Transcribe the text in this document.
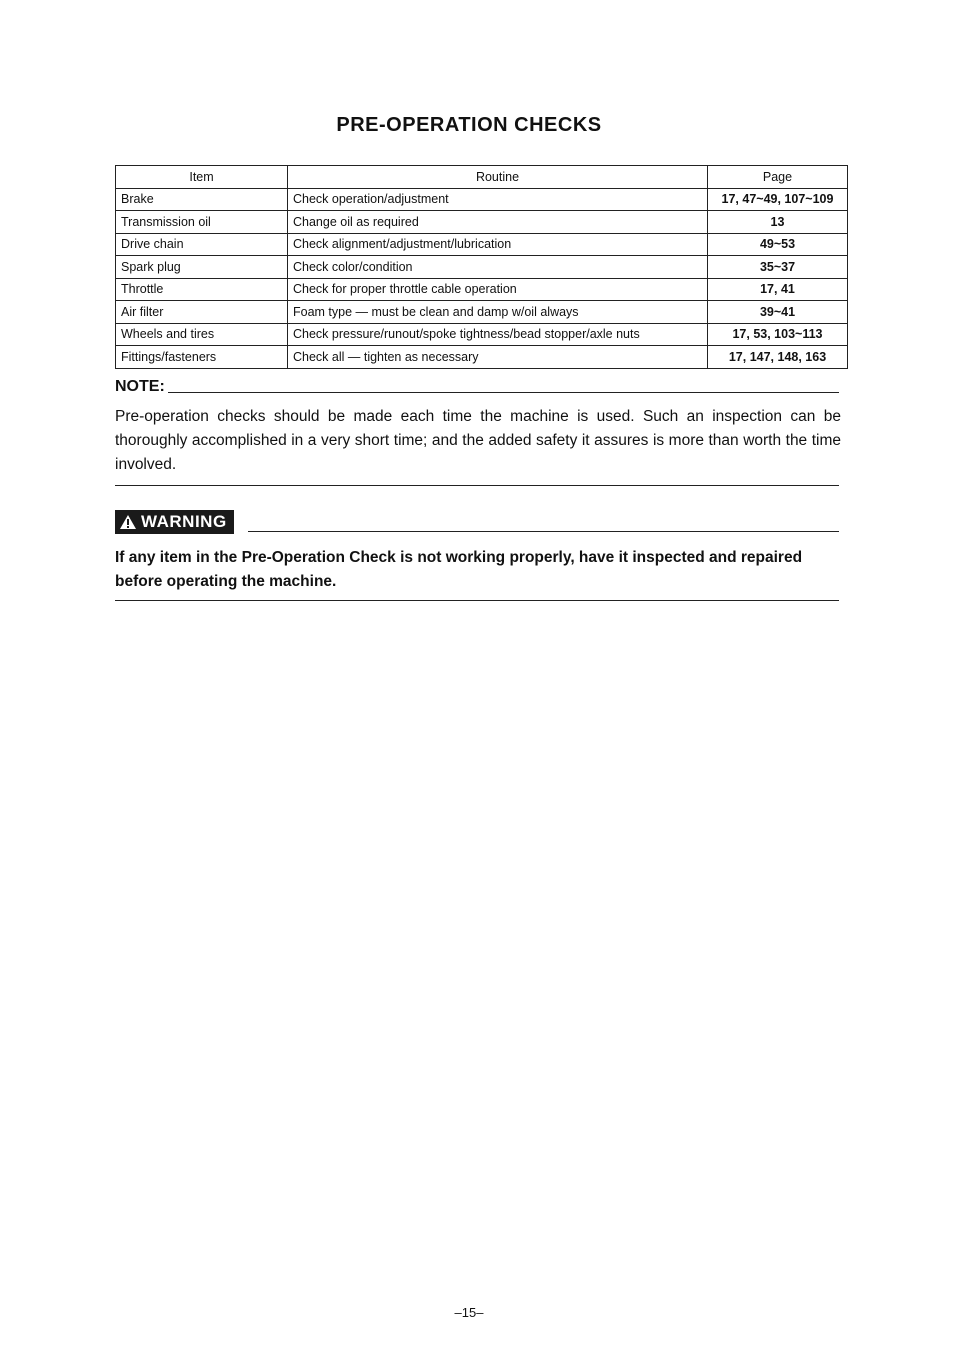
PRE-OPERATION CHECKS
Item	Routine	Page
Brake	Check operation/adjustment	17, 47~49, 107~109
Transmission oil	Change oil as required	13
Drive chain	Check alignment/adjustment/lubrication	49~53
Spark plug	Check color/condition	35~37
Throttle	Check for proper throttle cable operation	17, 41
Air filter	Foam type — must be clean and damp w/oil always	39~41
Wheels and tires	Check pressure/runout/spoke tightness/bead stopper/axle nuts	17, 53, 103~113
Fittings/fasteners	Check all — tighten as necessary	17, 147, 148, 163
NOTE:
Pre-operation checks should be made each time the machine is used. Such an inspection can be thoroughly accomplished in a very short time; and the added safety it assures is more than worth the time involved.
WARNING
If any item in the Pre-Operation Check is not working properly, have it inspected and repaired before operating the machine.
–15–
